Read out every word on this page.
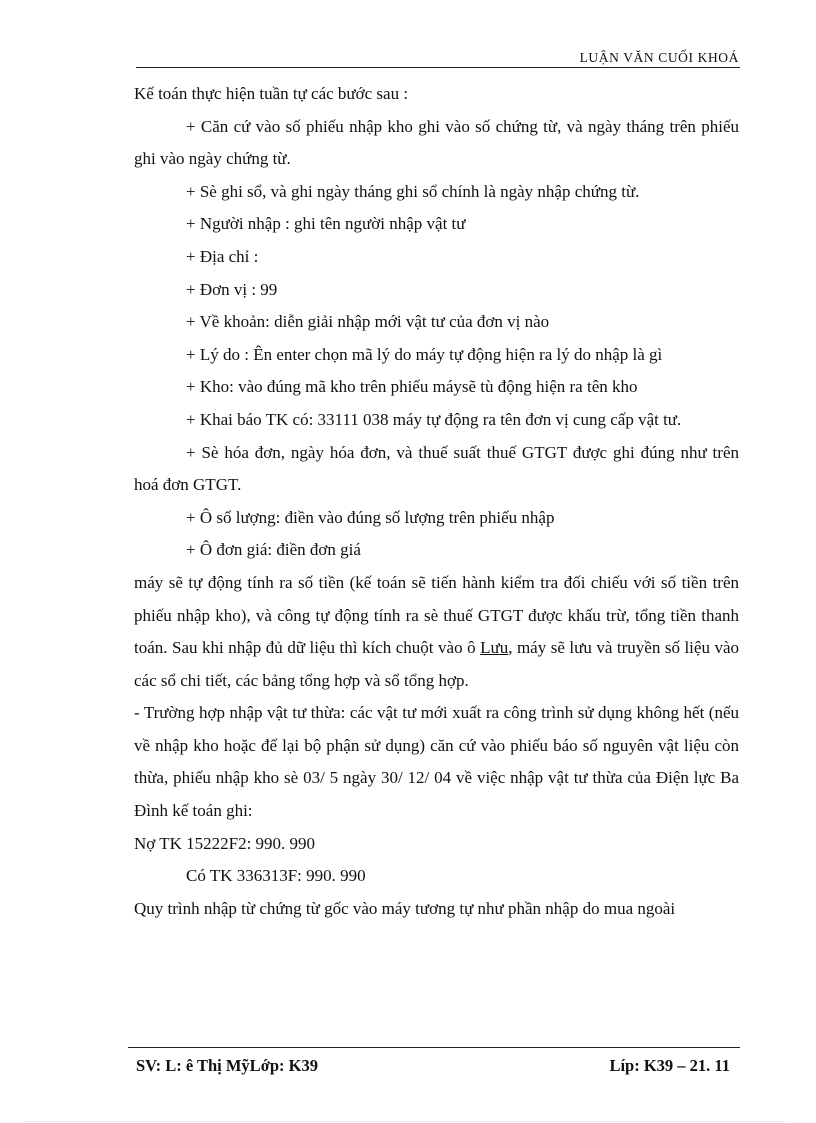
LUẬN VĂN CUỐI KHOÁ

Kế toán thực hiện tuần tự các bước sau :

+ Căn cứ vào số phiếu nhập kho ghi vào số chứng từ, và ngày tháng trên phiếu ghi vào ngày chứng từ.

+ Sè ghi sổ, và ghi ngày tháng ghi sổ chính là ngày nhập chứng từ.

+ Người nhập : ghi tên người nhập vật tư

+ Địa chỉ :

+ Đơn vị : 99

+ Về khoản: diễn giải nhập mới vật tư của đơn vị nào

+ Lý do : Ên enter chọn mã lý do máy tự động hiện ra lý do nhập là gì

+ Kho: vào đúng mã kho trên phiếu máysẽ tù động hiện ra tên kho

+ Khai báo TK có: 33111 038 máy tự động ra tên đơn vị cung cấp vật tư.

+ Sè hóa đơn, ngày hóa đơn, và thuế suất thuế GTGT được ghi đúng như trên hoá đơn GTGT.

+ Ô số lượng: điền vào đúng số lượng trên phiếu nhập

+ Ô đơn giá: điền đơn giá

máy sẽ tự động tính ra số tiền (kế toán sẽ tiến hành kiểm tra đối chiếu với số tiền trên phiếu nhập kho), và công tự động tính ra sè thuế GTGT được khấu trừ, tổng tiền thanh toán. Sau khi nhập đủ dữ liệu thì kích chuột vào ô Lưu, máy sẽ lưu và truyền số liệu vào các sổ chi tiết, các bảng tổng hợp và sổ tổng hợp.

- Trường hợp nhập vật tư thừa: các vật tư mới xuất ra công trình sử dụng không hết (nếu về nhập kho hoặc để lại bộ phận sử dụng) căn cứ vào phiếu báo số nguyên vật liệu còn thừa, phiếu nhập kho sè 03/ 5 ngày 30/ 12/ 04 về việc nhập vật tư thừa của Điện lực Ba Đình kế toán ghi:

Nợ TK 15222F2: 990. 990

Có TK 336313F: 990. 990

Quy trình nhập từ chứng từ gốc vào máy tương tự như phần nhập do mua ngoài

SV: L: ê Thị MỹLớp: K39	Líp: K39 – 21. 11
